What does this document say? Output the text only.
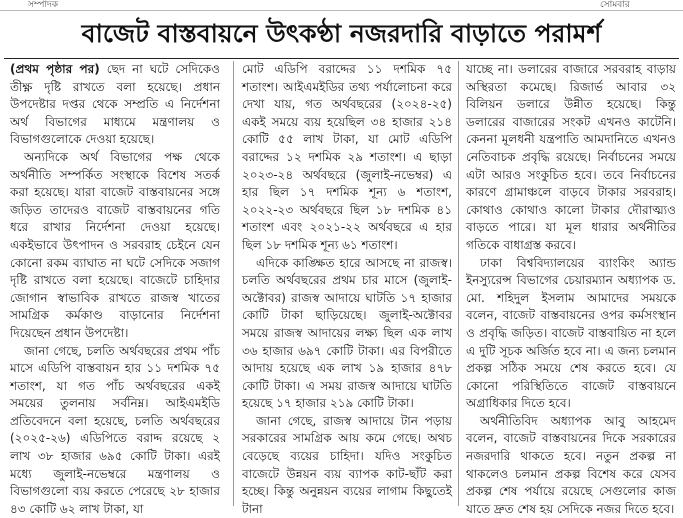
সম্পাদক	সোমবার
বাজেট বাস্তবায়নে উৎকণ্ঠা নজরদারি বাড়াতে পরামর্শ

(প্রথম পৃষ্ঠার পর) ছেদ না ঘটে সেদিকেও তীক্ষ্ণ দৃষ্টি রাখতে বলা হয়েছে। প্রধান উপদেষ্টার দপ্তর থেকে সম্প্রতি এ নির্দেশনা অর্থ বিভাগের মাধ্যমে মন্ত্রণালয় ও বিভাগগুলোকে দেওয়া হয়েছে।

অন্যদিকে অর্থ বিভাগের পক্ষ থেকে অর্থনীতি সম্পর্কিত সংস্থাকে বিশেষ সতর্ক করা হয়েছে। যারা বাজেট বাস্তবায়নের সঙ্গে জড়িত তাদেরও বাজেট বাস্তবায়নের গতি ধরে রাখার নির্দেশনা দেওয়া হয়েছে। একইভাবে উৎপাদন ও সরবরাহ চেইনে যেন কোনো রকম ব্যাঘাত না ঘটে সেদিকে সজাগ দৃষ্টি রাখতে বলা হয়েছে। বাজেটে চাহিদার জোগান স্বাভাবিক রাখতে রাজস্ব খাতের সামগ্রিক কর্মকাণ্ড বাড়ানোর নির্দেশনা দিয়েছেন প্রধান উপদেষ্টা।

জানা গেছে, চলতি অর্থবছরের প্রথম পাঁচ মাসে এডিপি বাস্তবায়ন হার ১১ দশমিক ৭৫ শতাংশ, যা গত পাঁচ অর্থবছরের একই সময়ের তুলনায় সর্বনিম্ন। আইএমইডি প্রতিবেদনে বলা হয়েছে, চলতি অর্থবছরের (২০২৫-২৬) এডিপিতে বরাদ্দ রয়েছে ২ লাখ ৩৮ হাজার ৬৯৫ কোটি টাকা। এরই মধ্যে জুলাই-নভেম্বরে মন্ত্রণালয় ও বিভাগগুলো ব্যয় করতে পেরেছে ২৮ হাজার ৪৩ কোটি ৬২ লাখ টাকা, যা

মোট এডিপি বরাদ্দের ১১ দশমিক ৭৫ শতাংশ। আইএমইডির তথ্য পর্যালোচনা করে দেখা যায়, গত অর্থবছরের (২০২৪-২৫) একই সময়ে ব্যয় হয়েছিল ৩৪ হাজার ২১৪ কোটি ৫৫ লাখ টাকা, যা মোট এডিপি বরাদ্দের ১২ দশমিক ২৯ শতাংশ। এ ছাড়া ২০২৩-২৪ অর্থবছরে (জুলাই-নভেম্বর) এ হার ছিল ১৭ দশমিক শূন্য ৬ শতাংশ, ২০২২-২৩ অর্থবছরে ছিল ১৮ দশমিক ৪১ শতাংশ এবং ২০২১-২২ অর্থবছরে এ হার ছিল ১৮ দশমিক শূন্য ৬১ শতাংশ।

এদিকে কাঙ্ক্ষিত হারে আসছে না রাজস্ব। চলতি অর্থবছরের প্রথম চার মাসে (জুলাই-অক্টোবর) রাজস্ব আদায়ে ঘাটতি ১৭ হাজার কোটি টাকা ছাড়িয়েছে। জুলাই-অক্টোবর সময়ে রাজস্ব আদায়ের লক্ষ্য ছিল এক লাখ ৩৬ হাজার ৬৯৭ কোটি টাকা। এর বিপরীতে আদায় হয়েছে এক লাখ ১৯ হাজার ৪৭৮ কোটি টাকা। এ সময় রাজস্ব আদায়ে ঘাটতি হয়েছে ১৭ হাজার ২১৯ কোটি টাকা।

জানা গেছে, রাজস্ব আদায়ে টান পড়ায় সরকারের সামগ্রিক আয় কমে গেছে। অথচ বেড়েছে ব্যয়ের চাহিদা। যদিও সংকুচিত বাজেটে উন্নয়ন ব্যয় ব্যাপক কাট-ছাঁট করা হচ্ছে। কিন্তু অনুন্নয়ন ব্যয়ের লাগাম কিছুতেই টানা

যাচ্ছে না। ডলারের বাজারে সরবরাহ বাড়ায় অস্থিরতা কমেছে। রিজার্ভ আবার ৩২ বিলিয়ন ডলারে উন্নীত হয়েছে। কিন্তু ডলারের বাজারের সংকট এখনও কাটেনি। কেননা মূলধনী যন্ত্রপাতি আমদানিতে এখনও নেতিবাচক প্রবৃদ্ধি রয়েছে। নির্বাচনের সময়ে এটা আরও সংকুচিত হবে। তবে নির্বাচনের কারণে গ্রামাঞ্চলে বাড়বে টাকার সরবরাহ। কোথাও কোথাও কালো টাকার দৌরাত্ম্যও বাড়তে পারে। যা মূল ধারার অর্থনীতির গতিকে বাধাগ্রস্ত করবে।

ঢাকা বিশ্ববিদ্যালয়ের ব্যাংকিং অ্যান্ড ইনস্যুরেন্স বিভাগের চেয়ারম্যান অধ্যাপক ড. মো. শহিদুল ইসলাম আমাদের সময়কে বলেন, বাজেট বাস্তবায়নের ওপর কর্মসংস্থান ও প্রবৃদ্ধি জড়িত। বাজেট বাস্তবায়িত না হলে এ দুটি সূচক অর্জিত হবে না। এ জন্য চলমান প্রকল্প সঠিক সময়ে শেষ করতে হবে। যে কোনো পরিস্থিতিতে বাজেট বাস্তবায়নে অগ্রাধিকার দিতে হবে।

অর্থনীতিবিদ অধ্যাপক আবু আহমেদ বলেন, বাজেট বাস্তবায়নের দিকে সরকারের নজরদারি থাকতে হবে। নতুন প্রকল্প না থাকলেও চলমান প্রকল্প বিশেষ করে যেসব প্রকল্প শেষ পর্যায়ে রয়েছে সেগুলোর কাজ যাতে দ্রুত শেষ হয় সেদিকে নজর দিতে হবে।
